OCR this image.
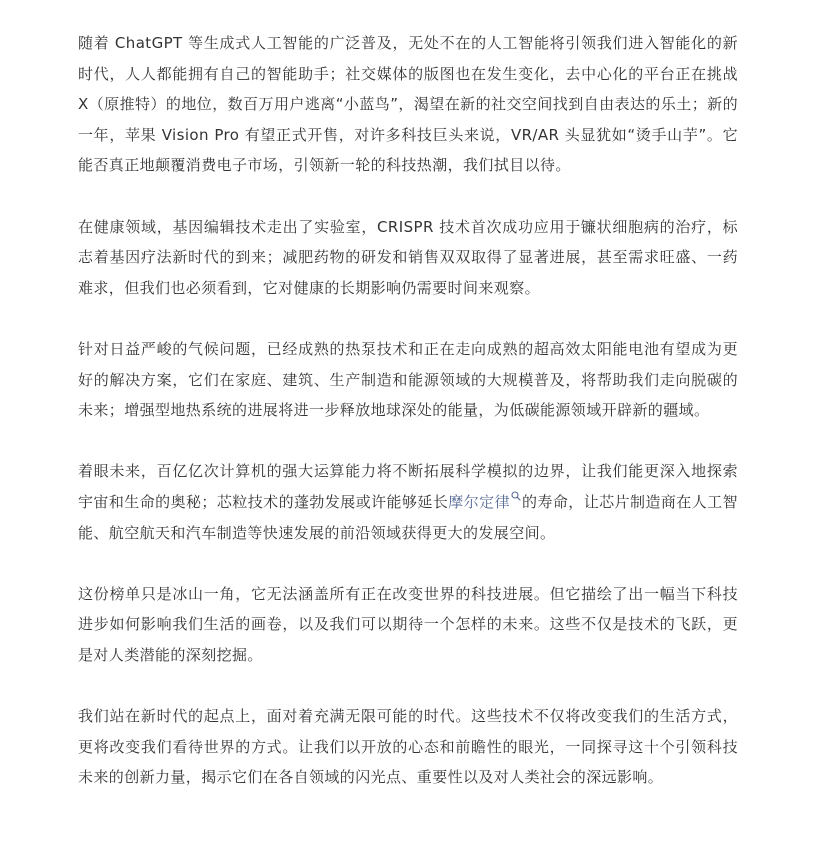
随着 ChatGPT 等生成式人工智能的广泛普及，无处不在的人工智能将引领我们进入智能化的新时代，人人都能拥有自己的智能助手；社交媒体的版图也在发生变化，去中心化的平台正在挑战 X（原推特）的地位，数百万用户逃离“小蓝鸟”，渴望在新的社交空间找到自由表达的乐土；新的一年，苹果 Vision Pro 有望正式开售，对许多科技巨头来说，VR/AR 头显犹如“烫手山芋”。它能否真正地颠覆消费电子市场，引领新一轮的科技热潮，我们拭目以待。

在健康领域，基因编辑技术走出了实验室，CRISPR 技术首次成功应用于镰状细胞病的治疗，标志着基因疗法新时代的到来；减肥药物的研发和销售双双取得了显著进展，甚至需求旺盛、一药难求，但我们也必须看到，它对健康的长期影响仍需要时间来观察。

针对日益严峻的气候问题，已经成熟的热泵技术和正在走向成熟的超高效太阳能电池有望成为更好的解决方案，它们在家庭、建筑、生产制造和能源领域的大规模普及，将帮助我们走向脱碳的未来；增强型地热系统的进展将进一步释放地球深处的能量，为低碳能源领域开辟新的疆域。

着眼未来，百亿亿次计算机的强大运算能力将不断拓展科学模拟的边界，让我们能更深入地探索宇宙和生命的奥秘；芯粒技术的蓬勃发展或许能够延长摩尔定律 的寿命，让芯片制造商在人工智能、航空航天和汽车制造等快速发展的前沿领域获得更大的发展空间。

这份榜单只是冰山一角，它无法涵盖所有正在改变世界的科技进展。但它描绘了出一幅当下科技进步如何影响我们生活的画卷，以及我们可以期待一个怎样的未来。这些不仅是技术的飞跃，更是对人类潜能的深刻挖掘。

我们站在新时代的起点上，面对着充满无限可能的时代。这些技术不仅将改变我们的生活方式，更将改变我们看待世界的方式。让我们以开放的心态和前瞻性的眼光，一同探寻这十个引领科技未来的创新力量，揭示它们在各自领域的闪光点、重要性以及对人类社会的深远影响。
